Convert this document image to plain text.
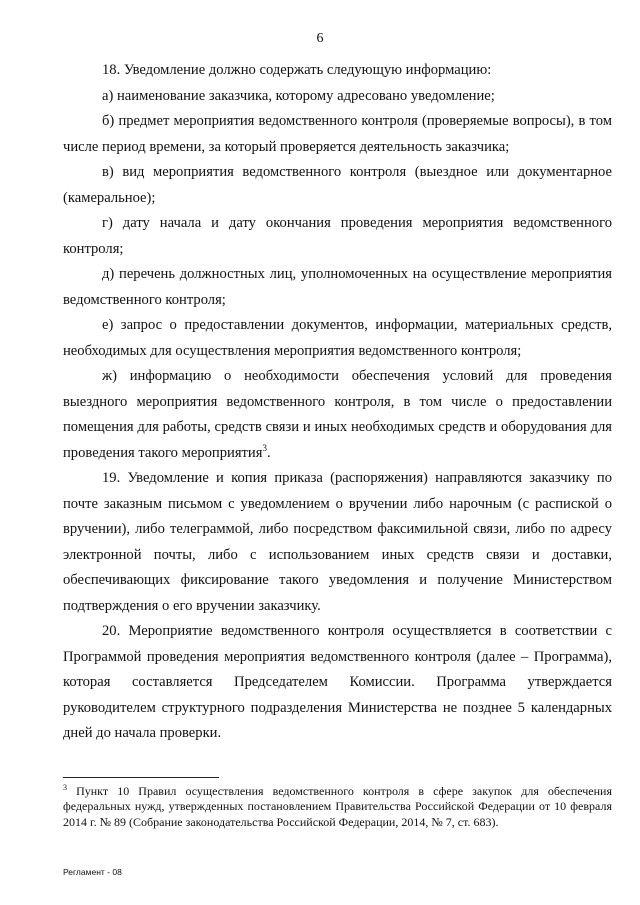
6

18. Уведомление должно содержать следующую информацию:

а) наименование заказчика, которому адресовано уведомление;

б) предмет мероприятия ведомственного контроля (проверяемые вопросы), в том числе период времени, за который проверяется деятельность заказчика;

в) вид мероприятия ведомственного контроля (выездное или документарное (камеральное);

г) дату начала и дату окончания проведения мероприятия ведомственного контроля;

д) перечень должностных лиц, уполномоченных на осуществление мероприятия ведомственного контроля;

е) запрос о предоставлении документов, информации, материальных средств, необходимых для осуществления мероприятия ведомственного контроля;

ж) информацию о необходимости обеспечения условий для проведения выездного мероприятия ведомственного контроля, в том числе о предоставлении помещения для работы, средств связи и иных необходимых средств и оборудования для проведения такого мероприятия$^3$.

19. Уведомление и копия приказа (распоряжения) направляются заказчику по почте заказным письмом с уведомлением о вручении либо нарочным (с распиской о вручении), либо телеграммой, либо посредством факсимильной связи, либо по адресу электронной почты, либо с использованием иных средств связи и доставки, обеспечивающих фиксирование такого уведомления и получение Министерством подтверждения о его вручении заказчику.

20. Мероприятие ведомственного контроля осуществляется в соответствии с Программой проведения мероприятия ведомственного контроля (далее – Программа), которая составляется Председателем Комиссии. Программа утверждается руководителем структурного подразделения Министерства не позднее 5 календарных дней до начала проверки.

$^3$ Пункт 10 Правил осуществления ведомственного контроля в сфере закупок для обеспечения федеральных нужд, утвержденных постановлением Правительства Российской Федерации от 10 февраля 2014 г. № 89 (Собрание законодательства Российской Федерации, 2014, № 7, ст. 683).
Регламент - 08
